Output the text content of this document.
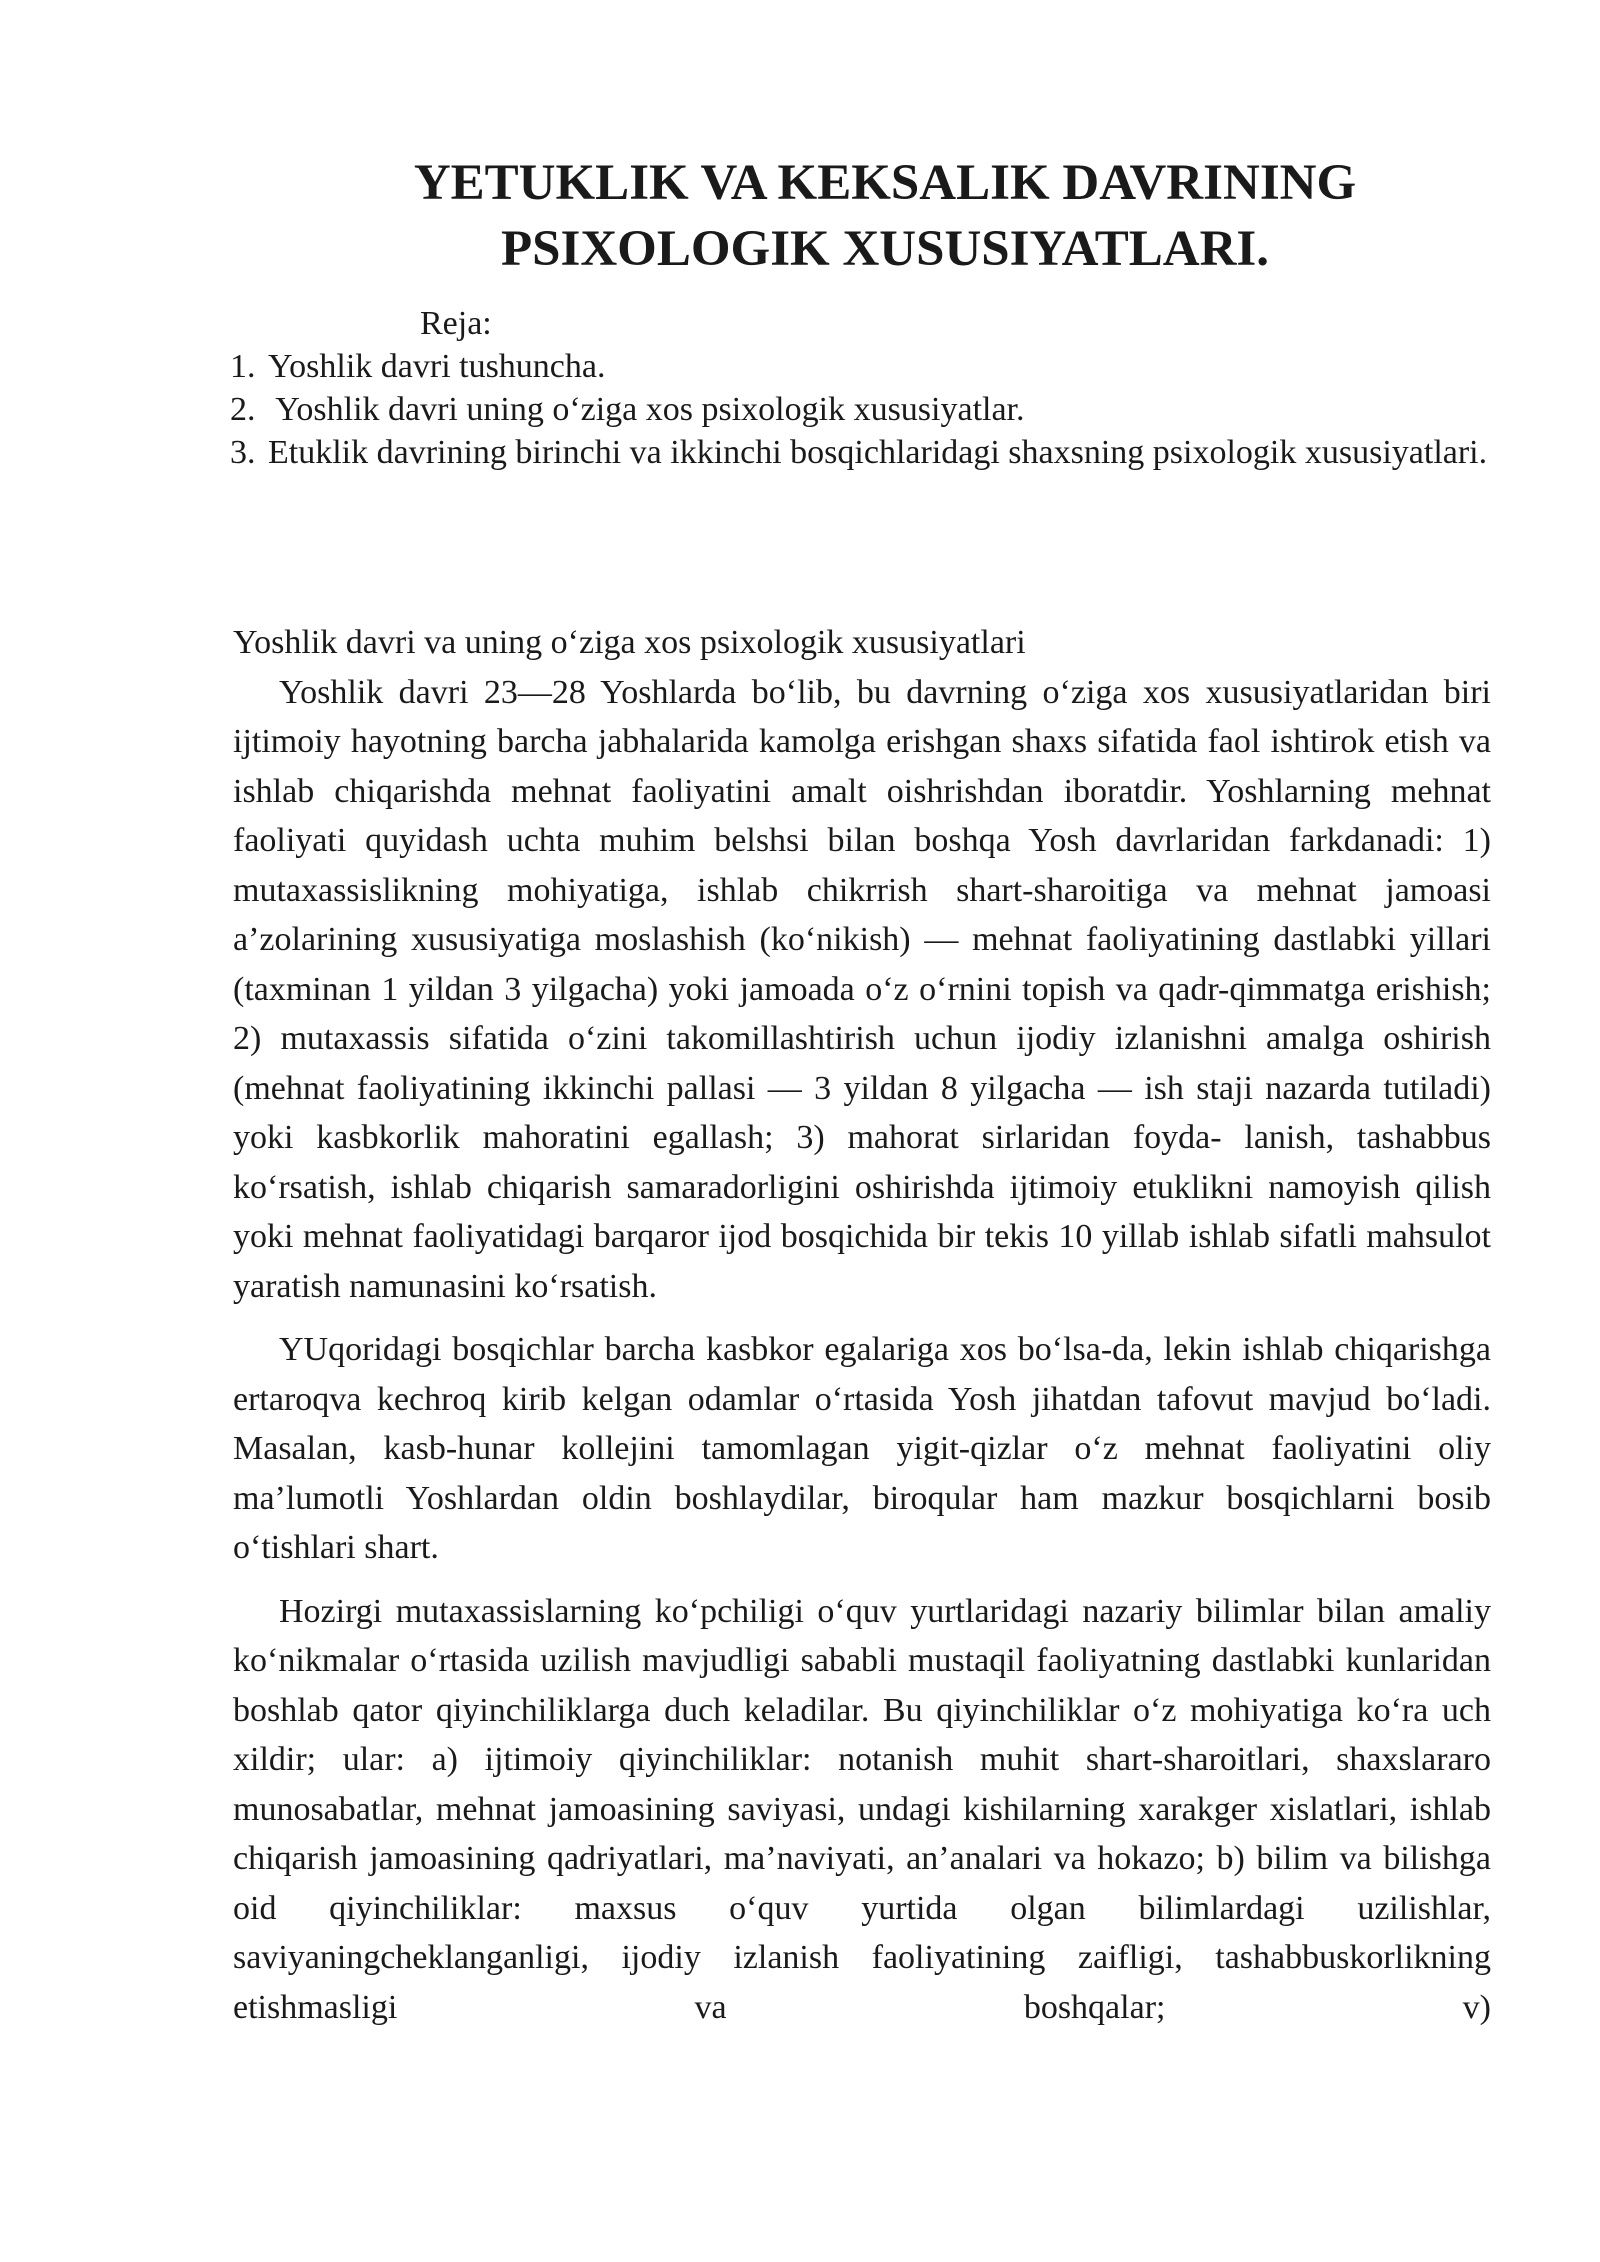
YETUKLIK VA KEKSALIK DAVRINING
PSIXOLOGIK XUSUSIYATLARI.
Reja:
1. Yoshlik davri tushuncha.
2. Yoshlik davri uning o‘ziga xos psixologik xususiyatlar.
3. Etuklik davrining birinchi va ikkinchi bosqichlaridagi shaxsning psixologik xususiyatlari.
Yoshlik davri va uning o‘ziga xos psixologik xususiyatlari

Yoshlik davri 23—28 Yoshlarda bo‘lib, bu davrning o‘ziga xos xususiyatlaridan biri ijtimoiy hayotning barcha jabhalarida kamolga erishgan shaxs sifatida faol ishtirok etish va ishlab chiqarishda mehnat faoliyatini amalt oishrishdan iboratdir. Yoshlarning mehnat faoliyati quyidash uchta muhim belshsi bilan boshqa Yosh davrlaridan farkdanadi: 1) mutaxassislikning mohiyatiga, ishlab chikrrish shart-sharoitiga va mehnat jamoasi a’zolarining xususiyatiga moslashish (ko‘nikish) — mehnat faoliyatining dastlabki yillari (taxminan 1 yildan 3 yilgacha) yoki jamoada o‘z o‘rnini topish va qadr-qimmatga erishish; 2) mutaxassis sifatida o‘zini takomillashtirish uchun ijodiy izlanishni amalga oshirish (mehnat faoliyatining ikkinchi pallasi — 3 yildan 8 yilgacha — ish staji nazarda tutiladi) yoki kasbkorlik mahoratini egallash; 3) mahorat sirlaridan foyda- lanish, tashabbus ko‘rsatish, ishlab chiqarish samaradorligini oshirishda ijtimoiy etuklikni namoyish qilish yoki mehnat faoliyatidagi barqaror ijod bosqichida bir tekis 10 yillab ishlab sifatli mahsulot yaratish namunasini ko‘rsatish.

YUqoridagi bosqichlar barcha kasbkor egalariga xos bo‘lsa-da, lekin ishlab chiqarishga ertaroqva kechroq kirib kelgan odamlar o‘rtasida Yosh jihatdan tafovut mavjud bo‘ladi. Masalan, kasb-hunar kollejini tamomlagan yigit-qizlar o‘z mehnat faoliyatini oliy ma’lumotli Yoshlardan oldin boshlaydilar, biroqular ham mazkur bosqichlarni bosib o‘tishlari shart.

Hozirgi mutaxassislarning ko‘pchiligi o‘quv yurtlaridagi nazariy bilimlar bilan amaliy ko‘nikmalar o‘rtasida uzilish mavjudligi sababli mustaqil faoliyatning dastlabki kunlaridan boshlab qator qiyinchiliklarga duch keladilar. Bu qiyinchiliklar o‘z mohiyatiga ko‘ra uch xildir; ular: a) ijtimoiy qiyinchiliklar: notanish muhit shart-sharoitlari, shaxslararo munosabatlar, mehnat jamoasining saviyasi, undagi kishilarning xarakger xislatlari, ishlab chiqarish jamoasining qadriyatlari, ma’naviyati, an’analari va hokazo; b) bilim va bilishga oid qiyinchiliklar: maxsus o‘quv yurtida olgan bilimlardagi uzilishlar, saviyaningcheklanganligi, ijodiy izlanish faoliyatining zaifligi, tashabbuskorlikning etishmasligi va boshqalar; v)
